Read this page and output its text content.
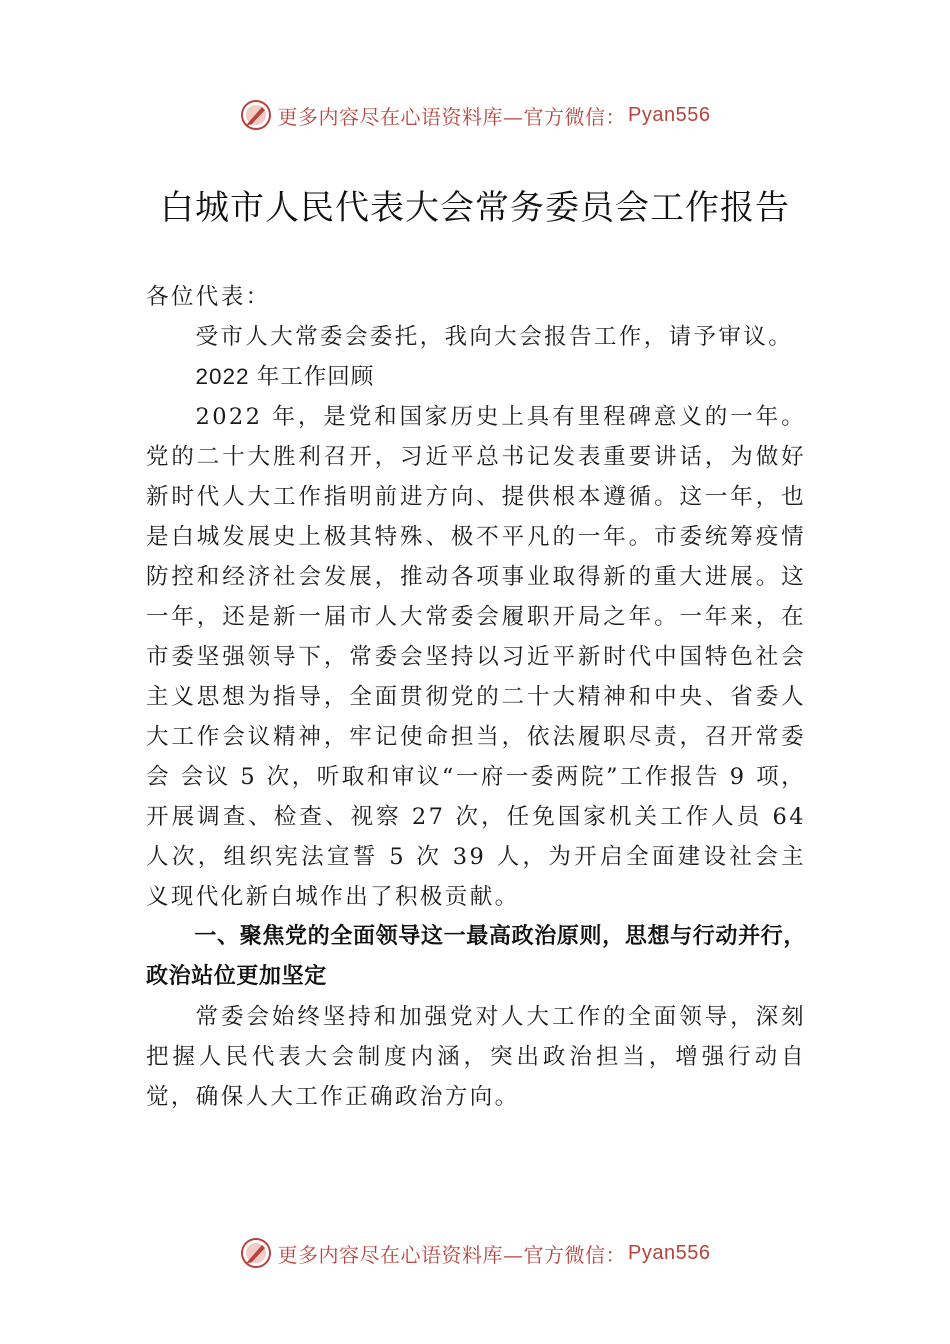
更多内容尽在心语资料库—官方微信： Pyan556
白城市人民代表大会常务委员会工作报告

各位代表：

受市人大常委会委托，我向大会报告工作，请予审议。

2022 年工作回顾

2022 年，是党和国家历史上具有里程碑意义的一年。党的二十大胜利召开，习近平总书记发表重要讲话，为做好新时代人大工作指明前进方向、提供根本遵循。这一年，也是白城发展史上极其特殊、极不平凡的一年。市委统筹疫情防控和经济社会发展，推动各项事业取得新的重大进展。这一年，还是新一届市人大常委会履职开局之年。一年来，在市委坚强领导下，常委会坚持以习近平新时代中国特色社会主义思想为指导，全面贯彻党的二十大精神和中央、省委人大工作会议精神，牢记使命担当，依法履职尽责，召开常委会 会议 5 次，听取和审议“一府一委两院”工作报告 9 项，开展调查、检查、视察 27 次，任免国家机关工作人员 64 人次，组织宪法宣誓 5 次 39 人，为开启全面建设社会主义现代化新白城作出了积极贡献。

一、聚焦党的全面领导这一最高政治原则，思想与行动并行，政治站位更加坚定

常委会始终坚持和加强党对人大工作的全面领导，深刻把握人民代表大会制度内涵，突出政治担当，增强行动自觉，确保人大工作正确政治方向。

更多内容尽在心语资料库—官方微信： Pyan556
